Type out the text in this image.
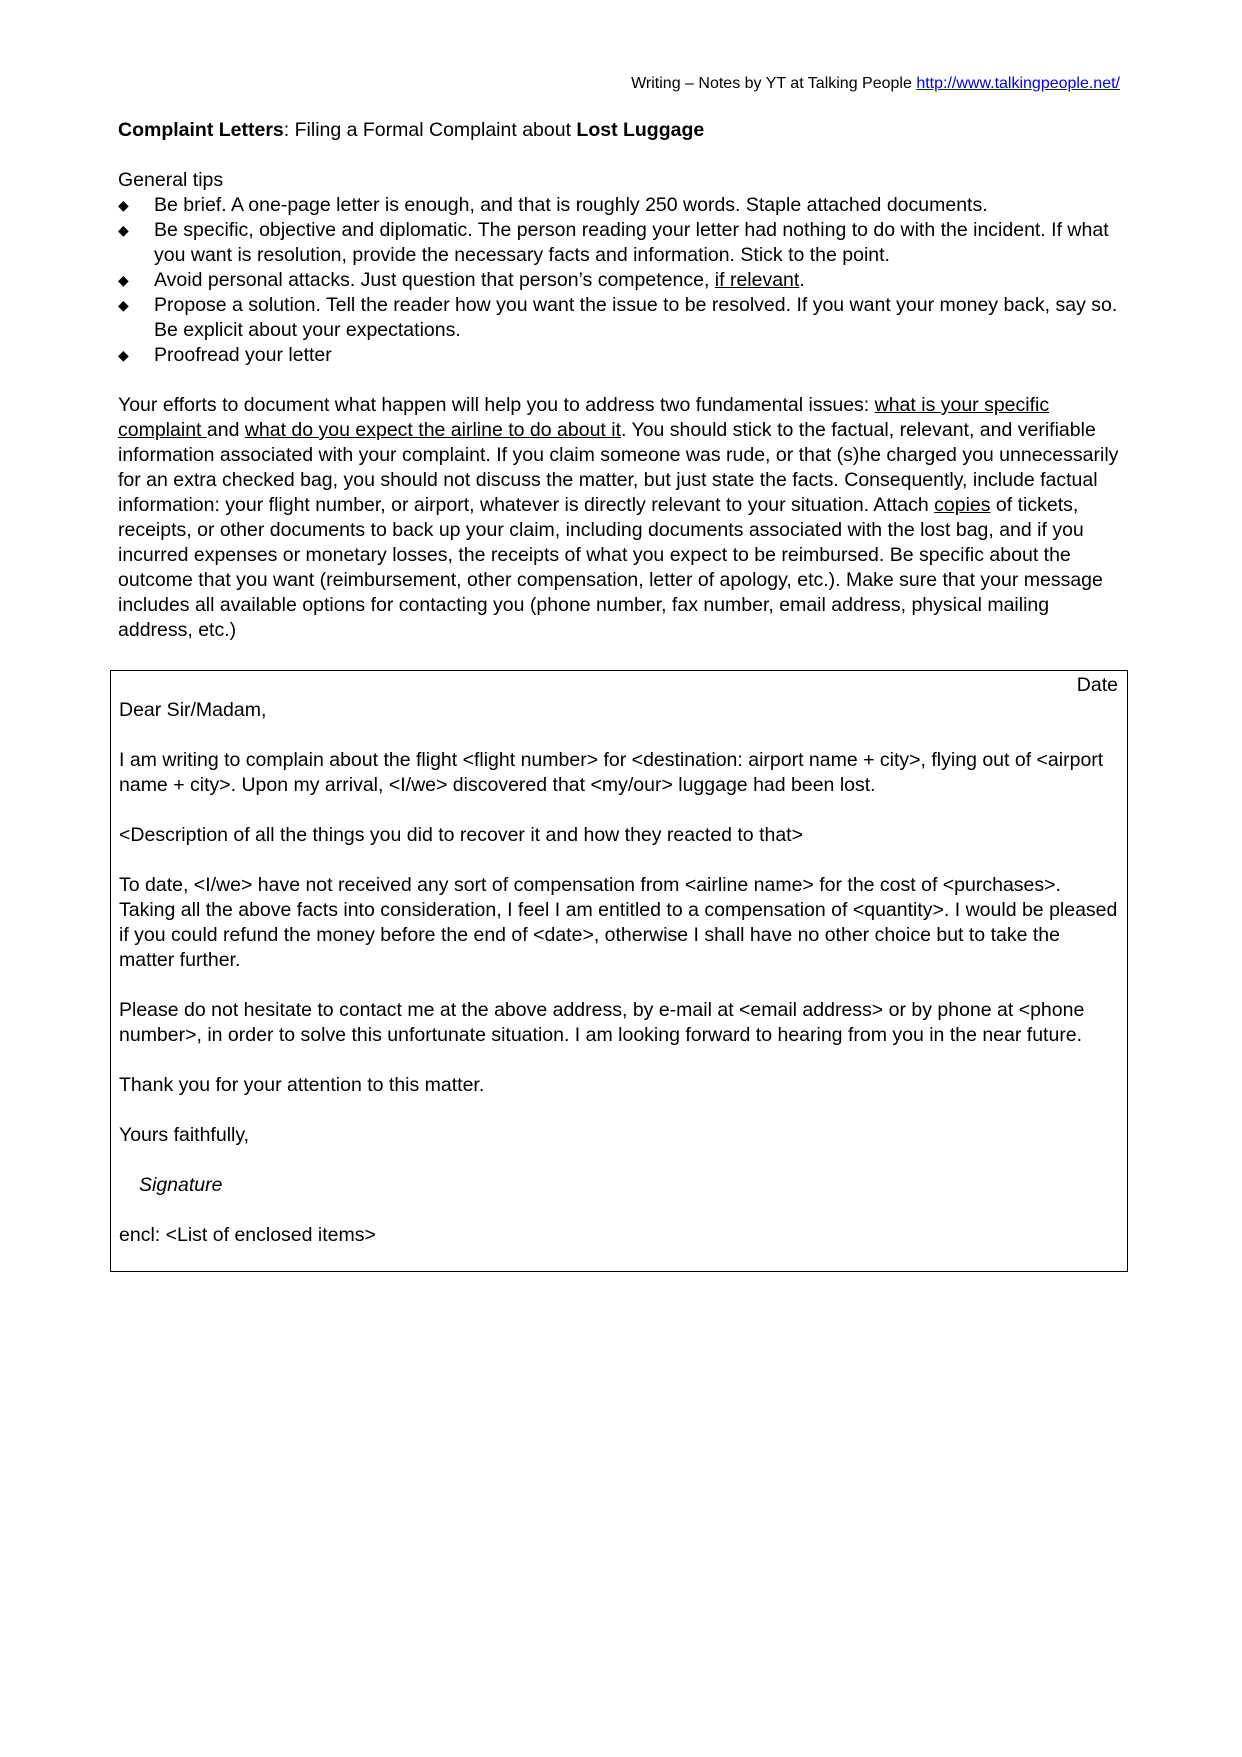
Writing – Notes by YT at Talking People http://www.talkingpeople.net/
Complaint Letters: Filing a Formal Complaint about Lost Luggage

General tips

◆ Be brief. A one-page letter is enough, and that is roughly 250 words. Staple attached documents.
◆ Be specific, objective and diplomatic. The person reading your letter had nothing to do with the incident. If what you want is resolution, provide the necessary facts and information. Stick to the point.
◆ Avoid personal attacks. Just question that person’s competence, if relevant.
◆ Propose a solution. Tell the reader how you want the issue to be resolved. If you want your money back, say so. Be explicit about your expectations.
◆ Proofread your letter

Your efforts to document what happen will help you to address two fundamental issues: what is your specific complaint and what do you expect the airline to do about it. You should stick to the factual, relevant, and verifiable information associated with your complaint. If you claim someone was rude, or that (s)he charged you unnecessarily for an extra checked bag, you should not discuss the matter, but just state the facts. Consequently, include factual information: your flight number, or airport, whatever is directly relevant to your situation. Attach copies of tickets, receipts, or other documents to back up your claim, including documents associated with the lost bag, and if you incurred expenses or monetary losses, the receipts of what you expect to be reimbursed. Be specific about the outcome that you want (reimbursement, other compensation, letter of apology, etc.). Make sure that your message includes all available options for contacting you (phone number, fax number, email address, physical mailing address, etc.)

Date

Dear Sir/Madam,

I am writing to complain about the flight <flight number> for <destination: airport name + city>, flying out of <airport name + city>. Upon my arrival, <I/we> discovered that <my/our> luggage had been lost.

<Description of all the things you did to recover it and how they reacted to that>

To date, <I/we> have not received any sort of compensation from <airline name> for the cost of <purchases>. Taking all the above facts into consideration, I feel I am entitled to a compensation of <quantity>. I would be pleased if you could refund the money before the end of <date>, otherwise I shall have no other choice but to take the matter further.

Please do not hesitate to contact me at the above address, by e-mail at <email address> or by phone at <phone number>, in order to solve this unfortunate situation. I am looking forward to hearing from you in the near future.

Thank you for your attention to this matter.

Yours faithfully,

Signature

encl: <List of enclosed items>
